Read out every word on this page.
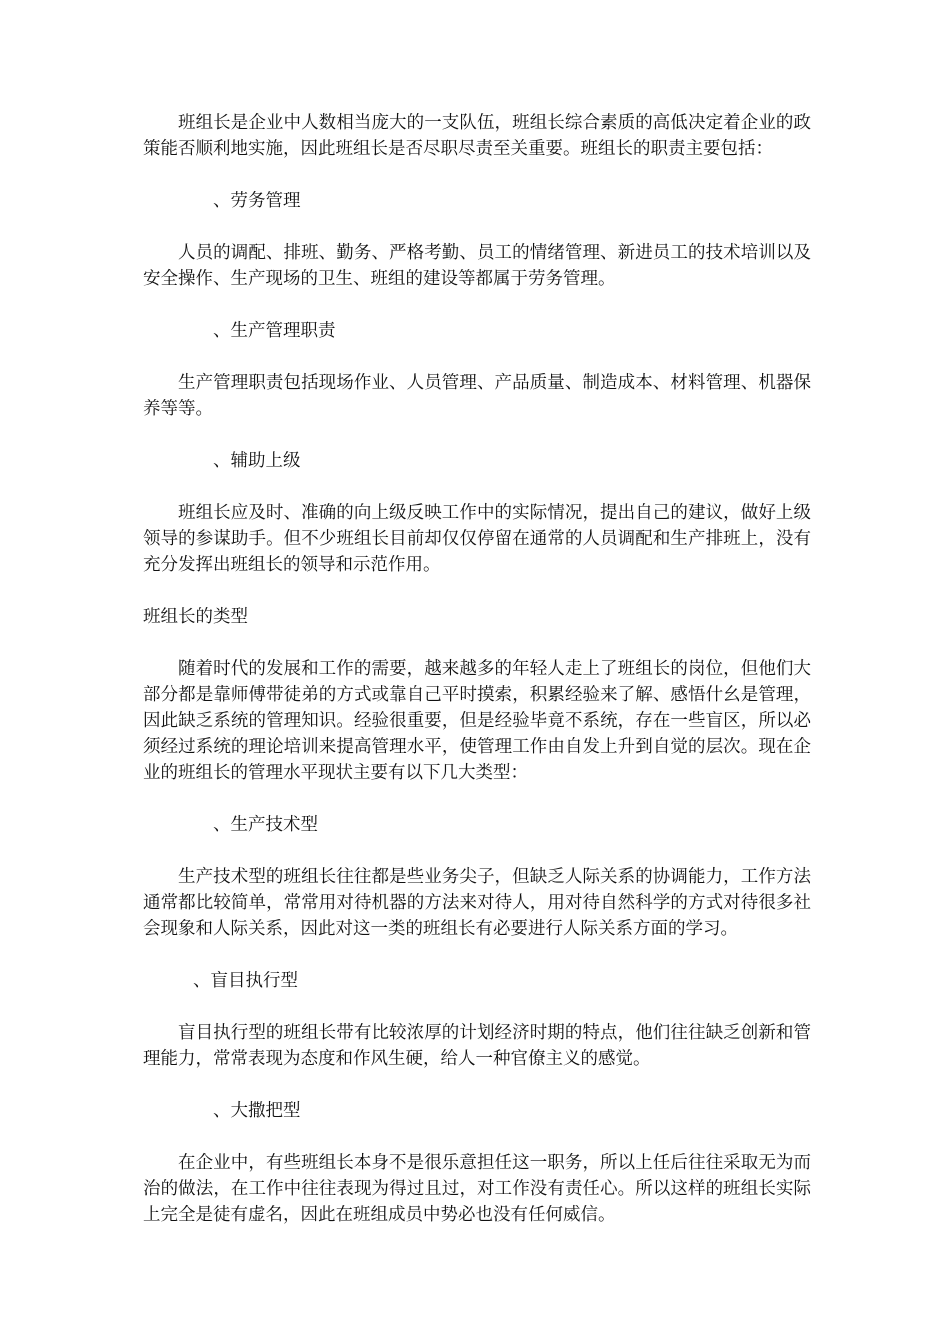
班组长是企业中人数相当庞大的一支队伍，班组长综合素质的高低决定着企业的政策能否顺利地实施，因此班组长是否尽职尽责至关重要。班组长的职责主要包括：

、劳务管理

人员的调配、排班、勤务、严格考勤、员工的情绪管理、新进员工的技术培训以及安全操作、生产现场的卫生、班组的建设等都属于劳务管理。

、生产管理职责

生产管理职责包括现场作业、人员管理、产品质量、制造成本、材料管理、机器保养等等。

、辅助上级

班组长应及时、准确的向上级反映工作中的实际情况，提出自己的建议，做好上级领导的参谋助手。但不少班组长目前却仅仅停留在通常的人员调配和生产排班上，没有充分发挥出班组长的领导和示范作用。

班组长的类型

随着时代的发展和工作的需要，越来越多的年轻人走上了班组长的岗位，但他们大部分都是靠师傅带徒弟的方式或靠自己平时摸索，积累经验来了解、感悟什幺是管理，因此缺乏系统的管理知识。经验很重要，但是经验毕竟不系统，存在一些盲区，所以必须经过系统的理论培训来提高管理水平，使管理工作由自发上升到自觉的层次。现在企业的班组长的管理水平现状主要有以下几大类型：

、生产技术型

生产技术型的班组长往往都是些业务尖子，但缺乏人际关系的协调能力，工作方法通常都比较简单，常常用对待机器的方法来对待人，用对待自然科学的方式对待很多社会现象和人际关系，因此对这一类的班组长有必要进行人际关系方面的学习。

、盲目执行型

盲目执行型的班组长带有比较浓厚的计划经济时期的特点，他们往往缺乏创新和管理能力，常常表现为态度和作风生硬，给人一种官僚主义的感觉。

、大撒把型

在企业中，有些班组长本身不是很乐意担任这一职务，所以上任后往往采取无为而治的做法，在工作中往往表现为得过且过，对工作没有责任心。所以这样的班组长实际上完全是徒有虚名，因此在班组成员中势必也没有任何威信。
